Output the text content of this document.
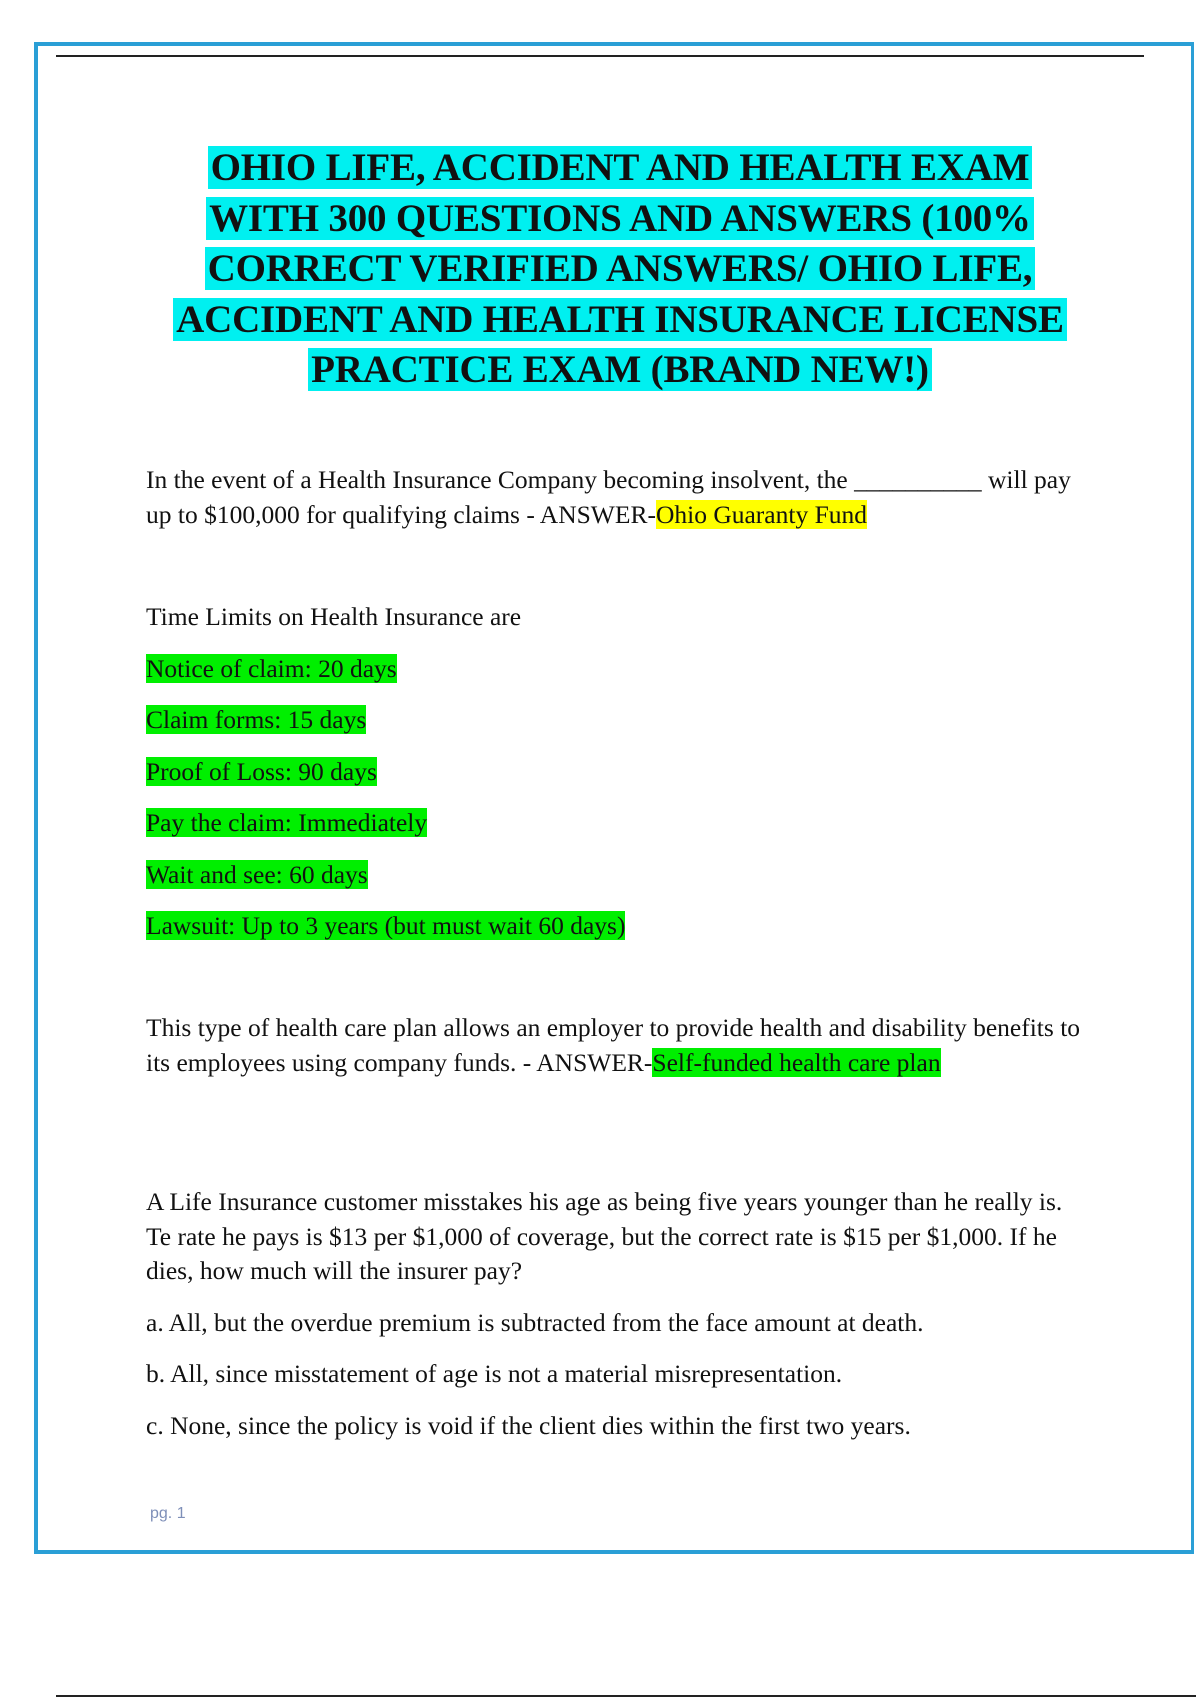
OHIO LIFE, ACCIDENT AND HEALTH EXAM
WITH 300 QUESTIONS AND ANSWERS (100%
CORRECT VERIFIED ANSWERS/ OHIO LIFE,
ACCIDENT AND HEALTH INSURANCE LICENSE
PRACTICE EXAM (BRAND NEW!)

In the event of a Health Insurance Company becoming insolvent, the __________ will pay up to $100,000 for qualifying claims - ANSWER-Ohio Guaranty Fund

Time Limits on Health Insurance are

Notice of claim: 20 days

Claim forms: 15 days

Proof of Loss: 90 days

Pay the claim: Immediately

Wait and see: 60 days

Lawsuit: Up to 3 years (but must wait 60 days)

This type of health care plan allows an employer to provide health and disability benefits to its employees using company funds. - ANSWER-Self-funded health care plan

A Life Insurance customer misstakes his age as being five years younger than he really is. Te rate he pays is $13 per $1,000 of coverage, but the correct rate is $15 per $1,000. If he dies, how much will the insurer pay?

a. All, but the overdue premium is subtracted from the face amount at death.

b. All, since misstatement of age is not a material misrepresentation.

c. None, since the policy is void if the client dies within the first two years.

pg. 1
